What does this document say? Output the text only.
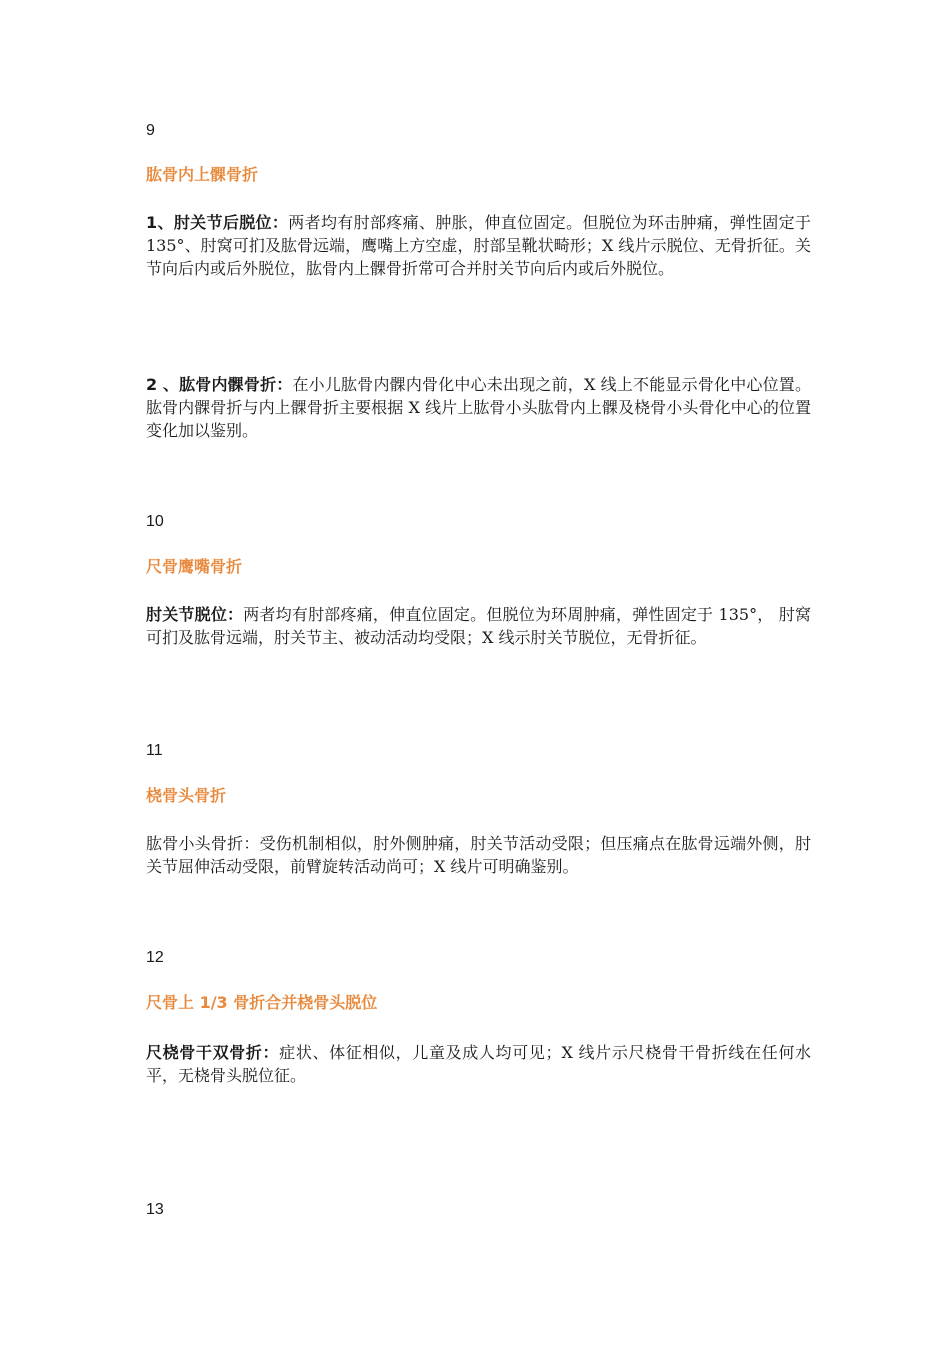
9
肱骨内上髁骨折
1、肘关节后脱位：两者均有肘部疼痛、肿胀，伸直位固定。但脱位为环击肿痛，弹性固定于 135°、肘窝可扪及肱骨远端，鹰嘴上方空虚，肘部呈靴状畸形；X 线片示脱位、无骨折征。关节向后内或后外脱位，肱骨内上髁骨折常可合并肘关节向后内或后外脱位。
2 、肱骨内髁骨折：在小儿肱骨内髁内骨化中心未出现之前，X 线上不能显示骨化中心位置。肱骨内髁骨折与内上髁骨折主要根据 X 线片上肱骨小头肱骨内上髁及桡骨小头骨化中心的位置变化加以鉴别。
10
尺骨鹰嘴骨折
肘关节脱位：两者均有肘部疼痛，伸直位固定。但脱位为环周肿痛，弹性固定于 135°， 肘窝可扪及肱骨远端，肘关节主、被动活动均受限；X 线示肘关节脱位，无骨折征。
11
桡骨头骨折
肱骨小头骨折：受伤机制相似，肘外侧肿痛，肘关节活动受限；但压痛点在肱骨远端外侧，肘关节屈伸活动受限，前臂旋转活动尚可；X 线片可明确鉴别。
12
尺骨上 1/3 骨折合并桡骨头脱位
尺桡骨干双骨折：症状、体征相似，儿童及成人均可见；X 线片示尺桡骨干骨折线在任何水平，无桡骨头脱位征。
13
